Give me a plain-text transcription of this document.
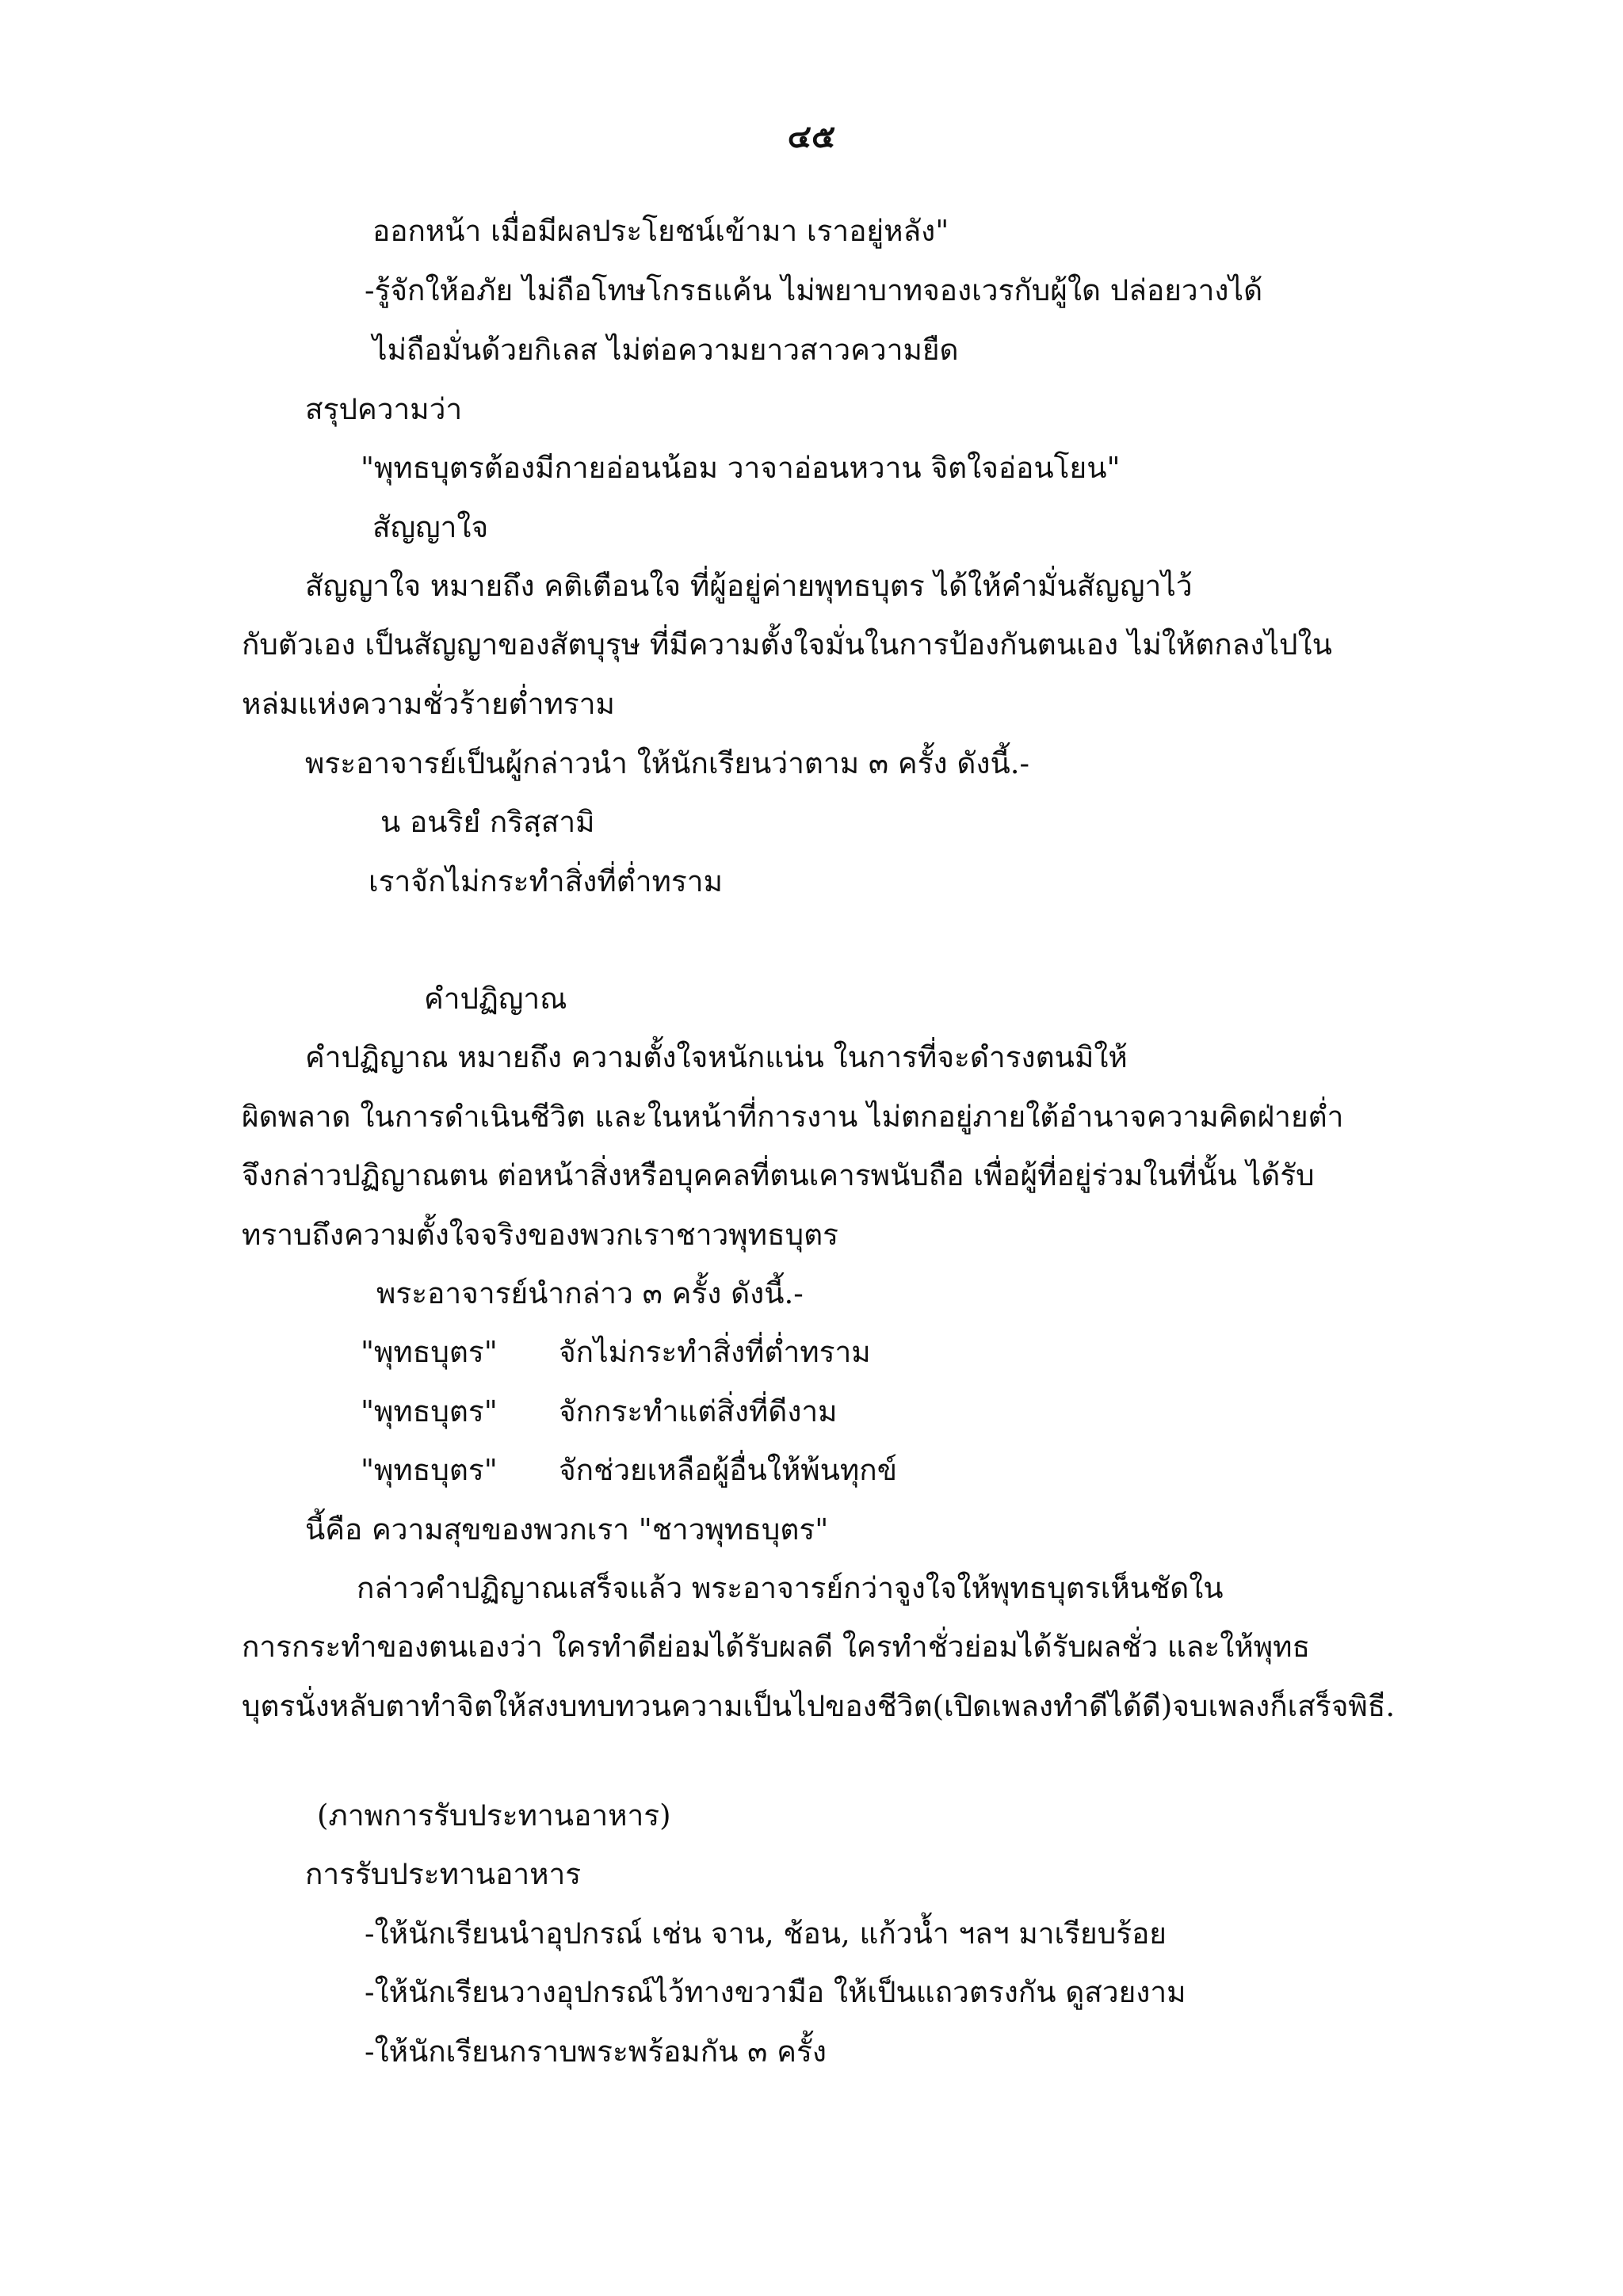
๔๕
ออกหน้า เมื่อมีผลประโยชน์เข้ามา เราอยู่หลัง"
-รู้จักให้อภัย ไม่ถือโทษโกรธแค้น ไม่พยาบาทจองเวรกับผู้ใด ปล่อยวางได้
ไม่ถือมั่นด้วยกิเลส ไม่ต่อความยาวสาวความยืด
สรุปความว่า
"พุทธบุตรต้องมีกายอ่อนน้อม วาจาอ่อนหวาน จิตใจอ่อนโยน"
สัญญาใจ
สัญญาใจ หมายถึง คติเตือนใจ ที่ผู้อยู่ค่ายพุทธบุตร ได้ให้คำมั่นสัญญาไว้
กับตัวเอง เป็นสัญญาของสัตบุรุษ ที่มีความตั้งใจมั่นในการป้องกันตนเอง ไม่ให้ตกลงไปใน
หล่มแห่งความชั่วร้ายต่ำทราม
พระอาจารย์เป็นผู้กล่าวนำ ให้นักเรียนว่าตาม ๓ ครั้ง ดังนี้.-
น อนริยํ กริสฺสามิ
เราจักไม่กระทำสิ่งที่ต่ำทราม
คำปฏิญาณ
คำปฏิญาณ หมายถึง ความตั้งใจหนักแน่น ในการที่จะดำรงตนมิให้
ผิดพลาด ในการดำเนินชีวิต และในหน้าที่การงาน ไม่ตกอยู่ภายใต้อำนาจความคิดฝ่ายต่ำ
จึงกล่าวปฏิญาณตน ต่อหน้าสิ่งหรือบุคคลที่ตนเคารพนับถือ เพื่อผู้ที่อยู่ร่วมในที่นั้น ได้รับ
ทราบถึงความตั้งใจจริงของพวกเราชาวพุทธบุตร
พระอาจารย์นำกล่าว ๓ ครั้ง ดังนี้.-
"พุทธบุตร" จักไม่กระทำสิ่งที่ต่ำทราม
"พุทธบุตร" จักกระทำแต่สิ่งที่ดีงาม
"พุทธบุตร" จักช่วยเหลือผู้อื่นให้พ้นทุกข์
นี้คือ ความสุขของพวกเรา "ชาวพุทธบุตร"
กล่าวคำปฏิญาณเสร็จแล้ว พระอาจารย์กว่าจูงใจให้พุทธบุตรเห็นชัดใน
การกระทำของตนเองว่า ใครทำดีย่อมได้รับผลดี ใครทำชั่วย่อมได้รับผลชั่ว และให้พุทธ
บุตรนั่งหลับตาทำจิตให้สงบทบทวนความเป็นไปของชีวิต(เปิดเพลงทำดีได้ดี)จบเพลงก็เสร็จพิธี.
(ภาพการรับประทานอาหาร)
การรับประทานอาหาร
-ให้นักเรียนนำอุปกรณ์ เช่น จาน, ช้อน, แก้วน้ำ ฯลฯ มาเรียบร้อย
-ให้นักเรียนวางอุปกรณ์ไว้ทางขวามือ ให้เป็นแถวตรงกัน ดูสวยงาม
-ให้นักเรียนกราบพระพร้อมกัน ๓ ครั้ง
